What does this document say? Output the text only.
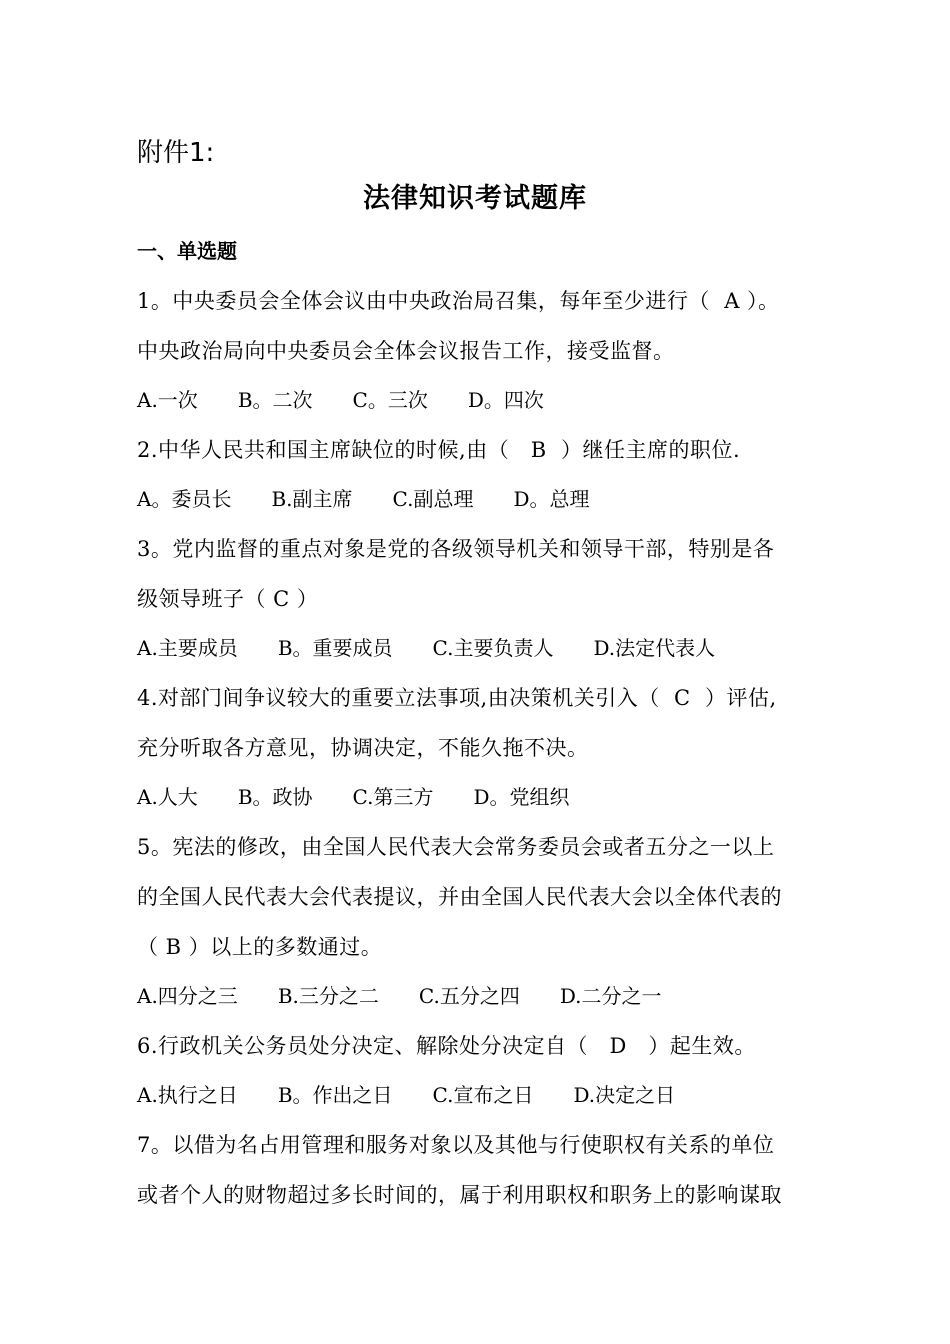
附件1:
法律知识考试题库
一、单选题
1。中央委员会全体会议由中央政治局召集，每年至少进行（  A ）。
中央政治局向中央委员会全体会议报告工作，接受监督。
A.一次 B。二次 C。三次 D。四次
2.中华人民共和国主席缺位的时候,由（   B  ）继任主席的职位.
A。委员长 B.副主席 C.副总理 D。总理
3。党内监督的重点对象是党的各级领导机关和领导干部，特别是各
级领导班子（ C ）
A.主要成员 B。重要成员 C.主要负责人 D.法定代表人
4.对部门间争议较大的重要立法事项,由决策机关引入（  C  ）评估,
充分听取各方意见，协调决定，不能久拖不决。
A.人大 B。政协 C.第三方 D。党组织
5。宪法的修改，由全国人民代表大会常务委员会或者五分之一以上
的全国人民代表大会代表提议，并由全国人民代表大会以全体代表的
（ B ）以上的多数通过。
A.四分之三 B.三分之二 C.五分之四 D.二分之一
6.行政机关公务员处分决定、解除处分决定自（   D   ）起生效。
A.执行之日 B。作出之日 C.宣布之日 D.决定之日
7。以借为名占用管理和服务对象以及其他与行使职权有关系的单位
或者个人的财物超过多长时间的，属于利用职权和职务上的影响谋取
